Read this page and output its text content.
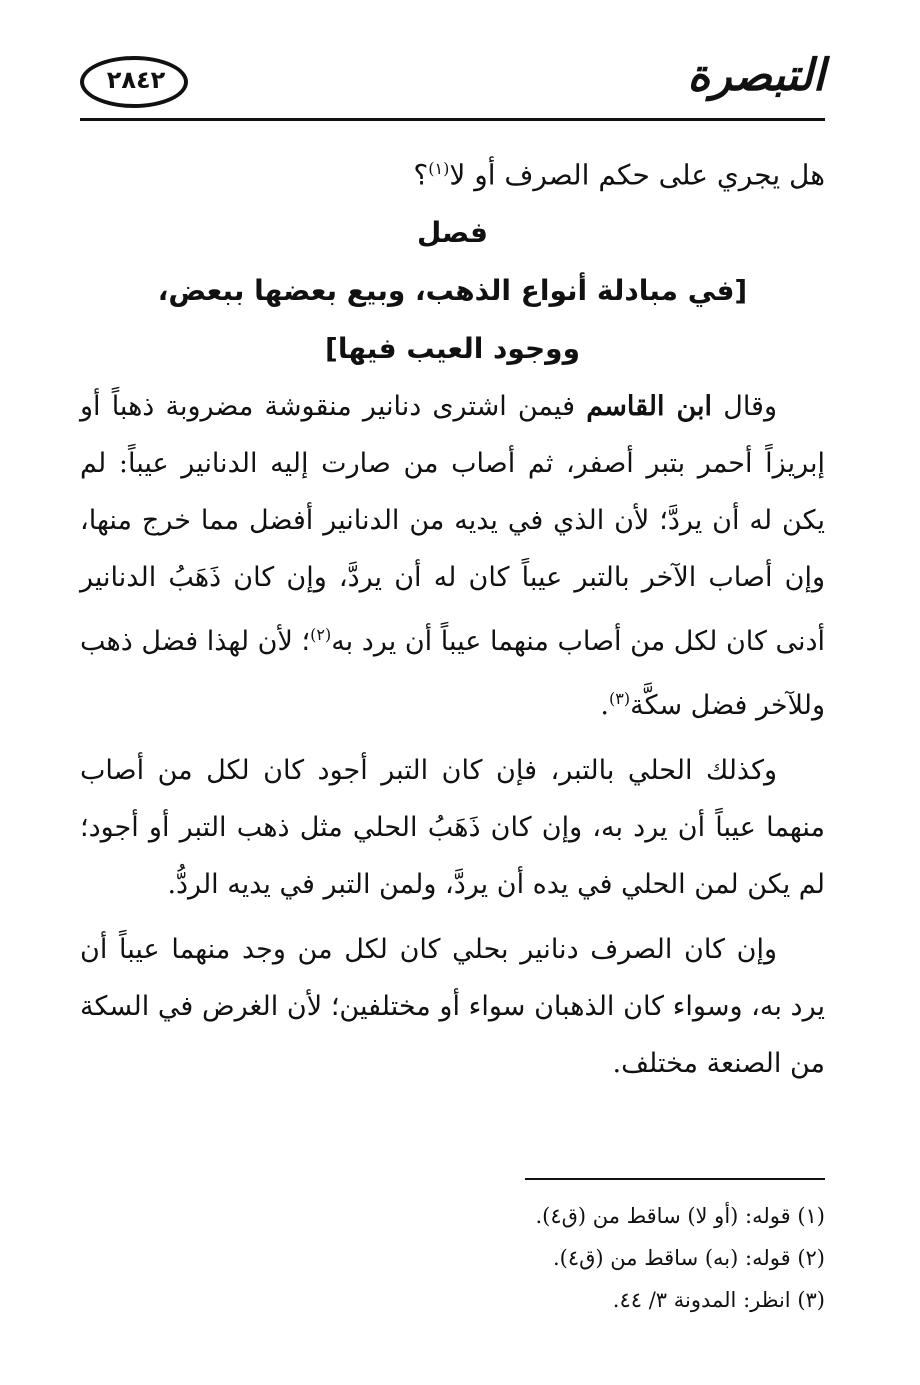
٢٨٤٢	التبصرة

هل يجري على حكم الصرف أو لا$^{(١)}$؟

فصل

[في مبادلة أنواع الذهب، وبيع بعضها ببعض،

ووجود العيب فيها]

وقال ابن القاسم فيمن اشترى دنانير منقوشة مضروبة ذهباً أو إبريزاً أحمر بتبر أصفر، ثم أصاب من صارت إليه الدنانير عيباً: لم يكن له أن يردَّ؛ لأن الذي في يديه من الدنانير أفضل مما خرج منها، وإن أصاب الآخر بالتبر عيباً كان له أن يردَّ، وإن كان ذَهَبُ الدنانير أدنى كان لكل من أصاب منهما عيباً أن يرد به$^{(٢)}$؛ لأن لهذا فضل ذهب وللآخر فضل سكَّة$^{(٣)}$.

وكذلك الحلي بالتبر، فإن كان التبر أجود كان لكل من أصاب منهما عيباً أن يرد به، وإن كان ذَهَبُ الحلي مثل ذهب التبر أو أجود؛ لم يكن لمن الحلي في يده أن يردَّ، ولمن التبر في يديه الردُّ.

وإن كان الصرف دنانير بحلي كان لكل من وجد منهما عيباً أن يرد به، وسواء كان الذهبان سواء أو مختلفين؛ لأن الغرض في السكة من الصنعة مختلف.

(١) قوله: (أو لا) ساقط من (ق٤).

(٢) قوله: (به) ساقط من (ق٤).

(٣) انظر: المدونة ٣/ ٤٤.
